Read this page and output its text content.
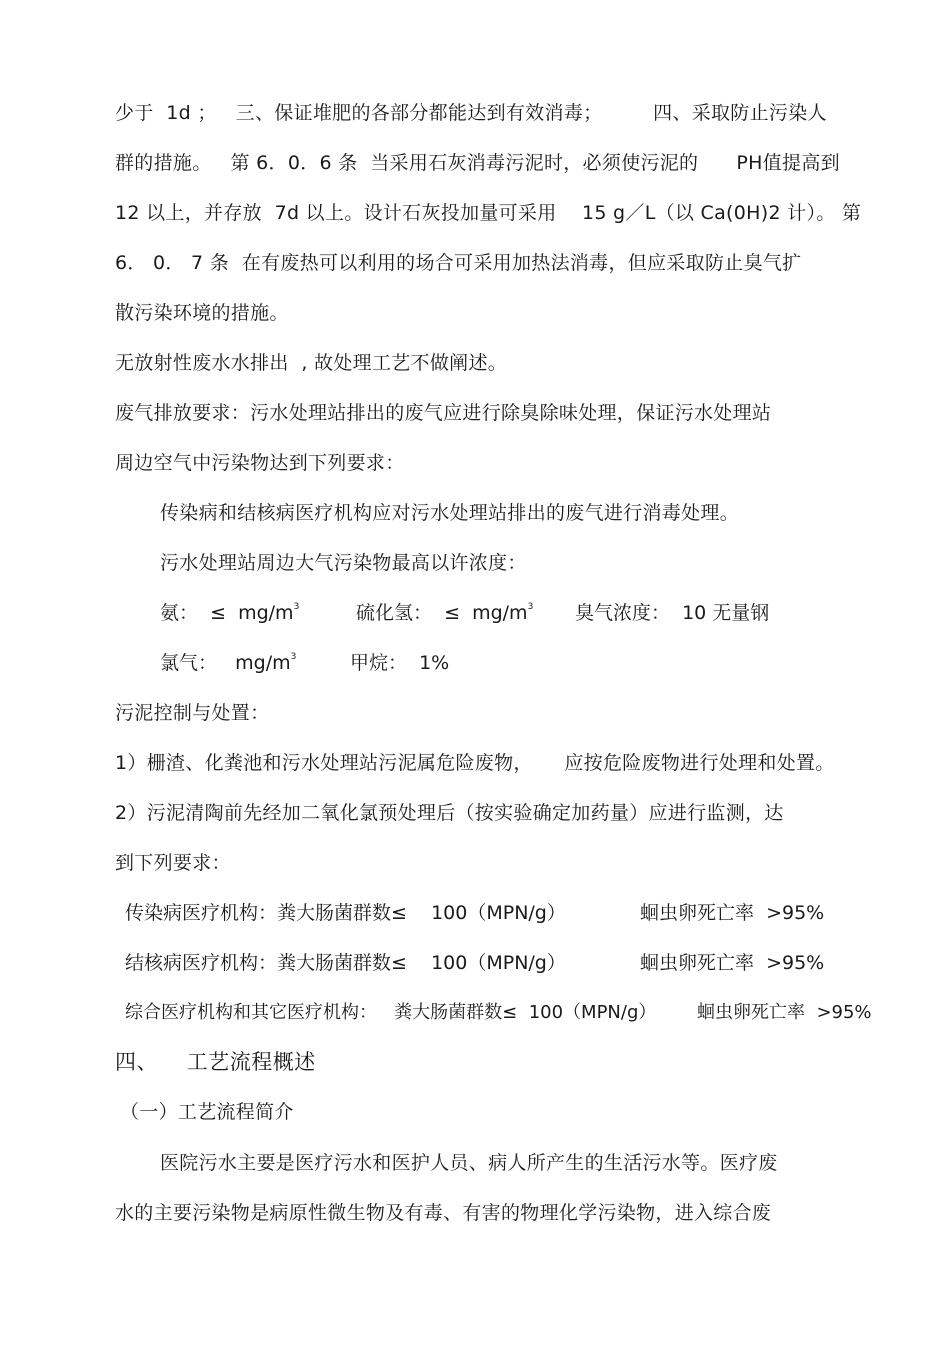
少于  1d ；   三、保证堆肥的各部分都能达到有效消毒；        四、采取防止污染人
群的措施。   第 6．0．6 条  当采用石灰消毒污泥时，必须使污泥的      PH值提高到
12 以上，并存放  7d 以上。设计石灰投加量可采用    15 g／L（以 Ca(0H)2 计）。 第
6． 0． 7 条  在有废热可以利用的场合可采用加热法消毒，但应采取防止臭气扩
散污染环境的措施。
无放射性废水水排出  , 故处理工艺不做阐述。
废气排放要求：污水处理站排出的废气应进行除臭除味处理，保证污水处理站
周边空气中污染物达到下列要求：
传染病和结核病医疗机构应对污水处理站排出的废气进行消毒处理。
污水处理站周边大气污染物最高以许浓度：
氨：  ≤  $mg/m^3$	硫化氢：  ≤  $mg/m^3$ 臭气浓度：  10 无量钢
氯气：   $mg/m^3$	甲烷：  1%
污泥控制与处置：
1）栅渣、化粪池和污水处理站污泥属危险废物，     应按危险废物进行处理和处置。
2）污泥清陶前先经加二氧化氯预处理后（按实验确定加药量）应进行监测，达
到下列要求：
传染病医疗机构：粪大肠菌群数≤    100（MPN/g）	蛔虫卵死亡率  >95%
结核病医疗机构：粪大肠菌群数≤    100（MPN/g）	蛔虫卵死亡率  >95%
综合医疗机构和其它医疗机构：   粪大肠菌群数≤  100（MPN/g） 蛔虫卵死亡率  >95%
四、    工艺流程概述
（一）工艺流程简介
医院污水主要是医疗污水和医护人员、病人所产生的生活污水等。医疗废
水的主要污染物是病原性微生物及有毒、有害的物理化学污染物，进入综合废
